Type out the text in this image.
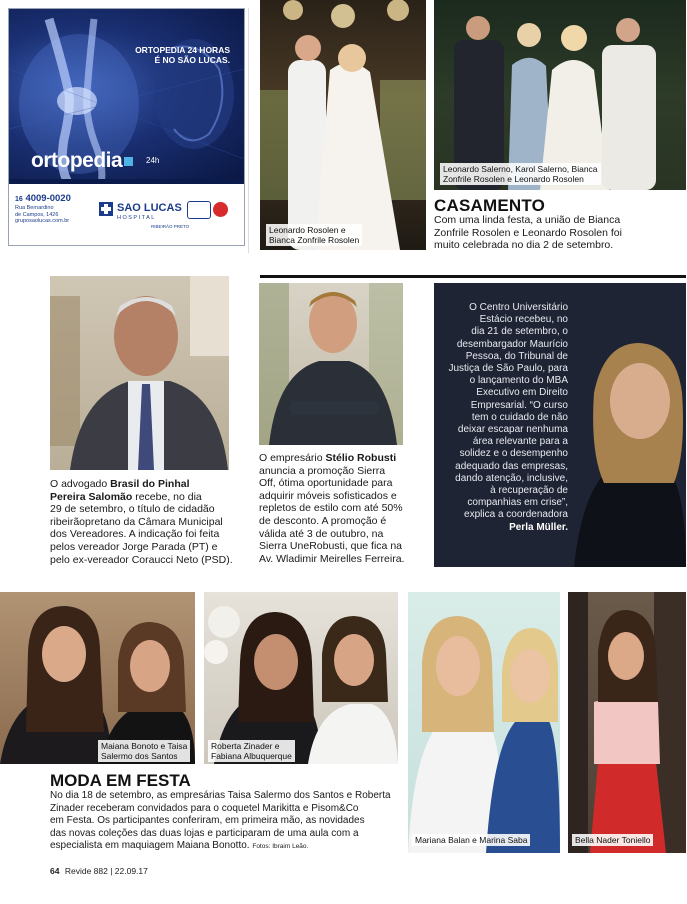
ORTOPEDIA 24 HORAS
É NO SÃO LUCAS.
ortopedia	24h
16 4009-0020
Rua Bernardino
de Campos, 1426
gruposaolucas.com.br
SAO LUCAS
HOSPITAL
RIBEIRÃO PRETO	Leonardo Rosolen e
Bianca Zonfrile Rosolen
Leonardo Salerno, Karol Salerno, Bianca
Zonfrile Rosolen e Leonardo Rosolen
CASAMENTO
Com uma linda festa, a união de Bianca
Zonfrile Rosolen e Leonardo Rosolen foi
muito celebrada no dia 2 de setembro.
O advogado Brasil do Pinhal
Pereira Salomão recebe, no dia
29 de setembro, o título de cidadão
ribeirãopretano da Câmara Municipal
dos Vereadores. A indicação foi feita
pelos vereador Jorge Parada (PT) e
pelo ex-vereador Coraucci Neto (PSD).
O empresário Stélio Robusti
anuncia a promoção Sierra
Off, ótima oportunidade para
adquirir móveis sofisticados e
repletos de estilo com até 50%
de desconto. A promoção é
válida até 3 de outubro, na
Sierra UneRobusti, que fica na
Av. Wladimir Meirelles Ferreira.
O Centro Universitário
Estácio recebeu, no
dia 21 de setembro, o
desembargador Maurício
Pessoa, do Tribunal de
Justiça de São Paulo, para
o lançamento do MBA
Executivo em Direito
Empresarial. “O curso
tem o cuidado de não
deixar escapar nenhuma
área relevante para a
solidez e o desempenho
adequado das empresas,
dando atenção, inclusive,
à recuperação de
companhias em crise”,
explica a coordenadora
Perla Müller.
Maiana Bonoto e Taisa
Salermo dos Santos
Roberta Zinader e
Fabiana Albuquerque
Mariana Balan e Marina Saba	Bella Nader Toniello
MODA EM FESTA
No dia 18 de setembro, as empresárias Taisa Salermo dos Santos e Roberta
Zinader receberam convidados para o coquetel Marikitta e Pisom&Co
em Festa. Os participantes conferiram, em primeira mão, as novidades
das novas coleções das duas lojas e participaram de uma aula com a
especialista em maquiagem Maiana Bonotto. Fotos: Ibraim Leão.
64 Revide 882 | 22.09.17
